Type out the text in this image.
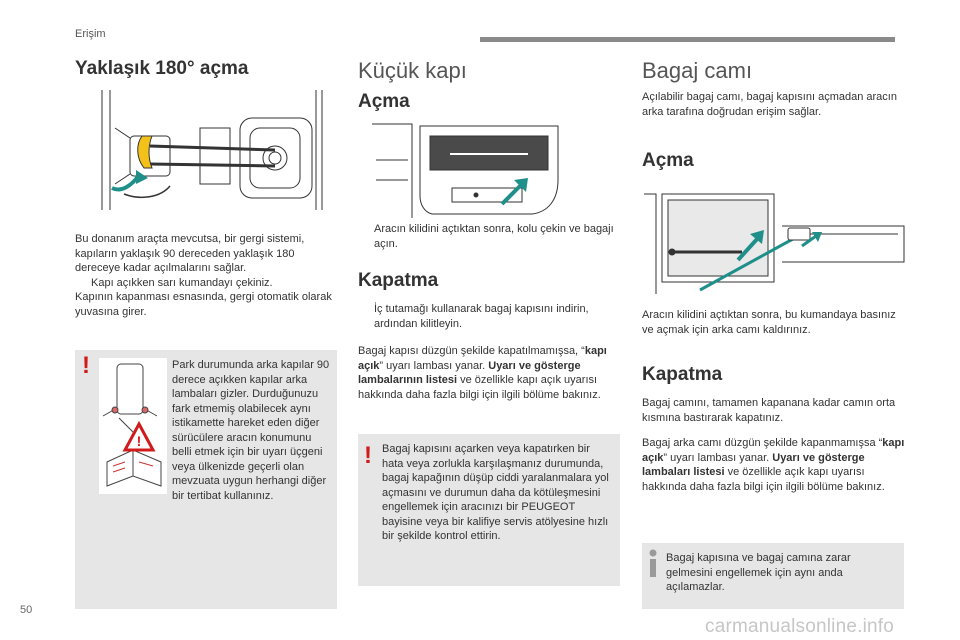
Erişim
Yaklaşık 180° açma
Bu donanım araçta mevcutsa, bir gergi sistemi, kapıların yaklaşık 90 dereceden yaklaşık 180 dereceye kadar açılmalarını sağlar.
Kapı açıkken sarı kumandayı çekiniz.
Kapının kapanması esnasında, gergi otomatik olarak yuvasına girer.
!
!
Park durumunda arka kapılar 90 derece açıkken kapılar arka lambaları gizler. Durduğunuzu fark etmemiş olabilecek aynı istikamette hareket eden diğer sürücülere aracın konumunu belli etmek için bir uyarı üçgeni veya ülkenizde geçerli olan mevzuata uygun herhangi diğer bir tertibat kullanınız.
Küçük kapı
Açma
Aracın kilidini açtıktan sonra, kolu çekin ve bagajı açın.
Kapatma
İç tutamağı kullanarak bagaj kapısını indirin, ardından kilitleyin.
Bagaj kapısı düzgün şekilde kapatılmamışsa, “kapı açık” uyarı lambası yanar. Uyarı ve gösterge lambalarının listesi ve özellikle kapı açık uyarısı hakkında daha fazla bilgi için ilgili bölüme bakınız.
! Bagaj kapısını açarken veya kapatırken bir hata veya zorlukla karşılaşmanız durumunda, bagaj kapağının düşüp ciddi yaralanmalara yol açmasını ve durumun daha da kötüleşmesini engellemek için aracınızı bir PEUGEOT bayisine veya bir kalifiye servis atölyesine hızlı bir şekilde kontrol ettirin.
Bagaj camı
Açılabilir bagaj camı, bagaj kapısını açmadan aracın arka tarafına doğrudan erişim sağlar.
Açma
Aracın kilidini açtıktan sonra, bu kumandaya basınız ve açmak için arka camı kaldırınız.
Kapatma
Bagaj camını, tamamen kapanana kadar camın orta kısmına bastırarak kapatınız.
Bagaj arka camı düzgün şekilde kapanmamışsa “kapı açık” uyarı lambası yanar. Uyarı ve gösterge lambaları listesi ve özellikle açık kapı uyarısı hakkında daha fazla bilgi için ilgili bölüme bakınız.
Bagaj kapısına ve bagaj camına zarar gelmesini engellemek için aynı anda açılamazlar.
50
carmanualsonline.info
